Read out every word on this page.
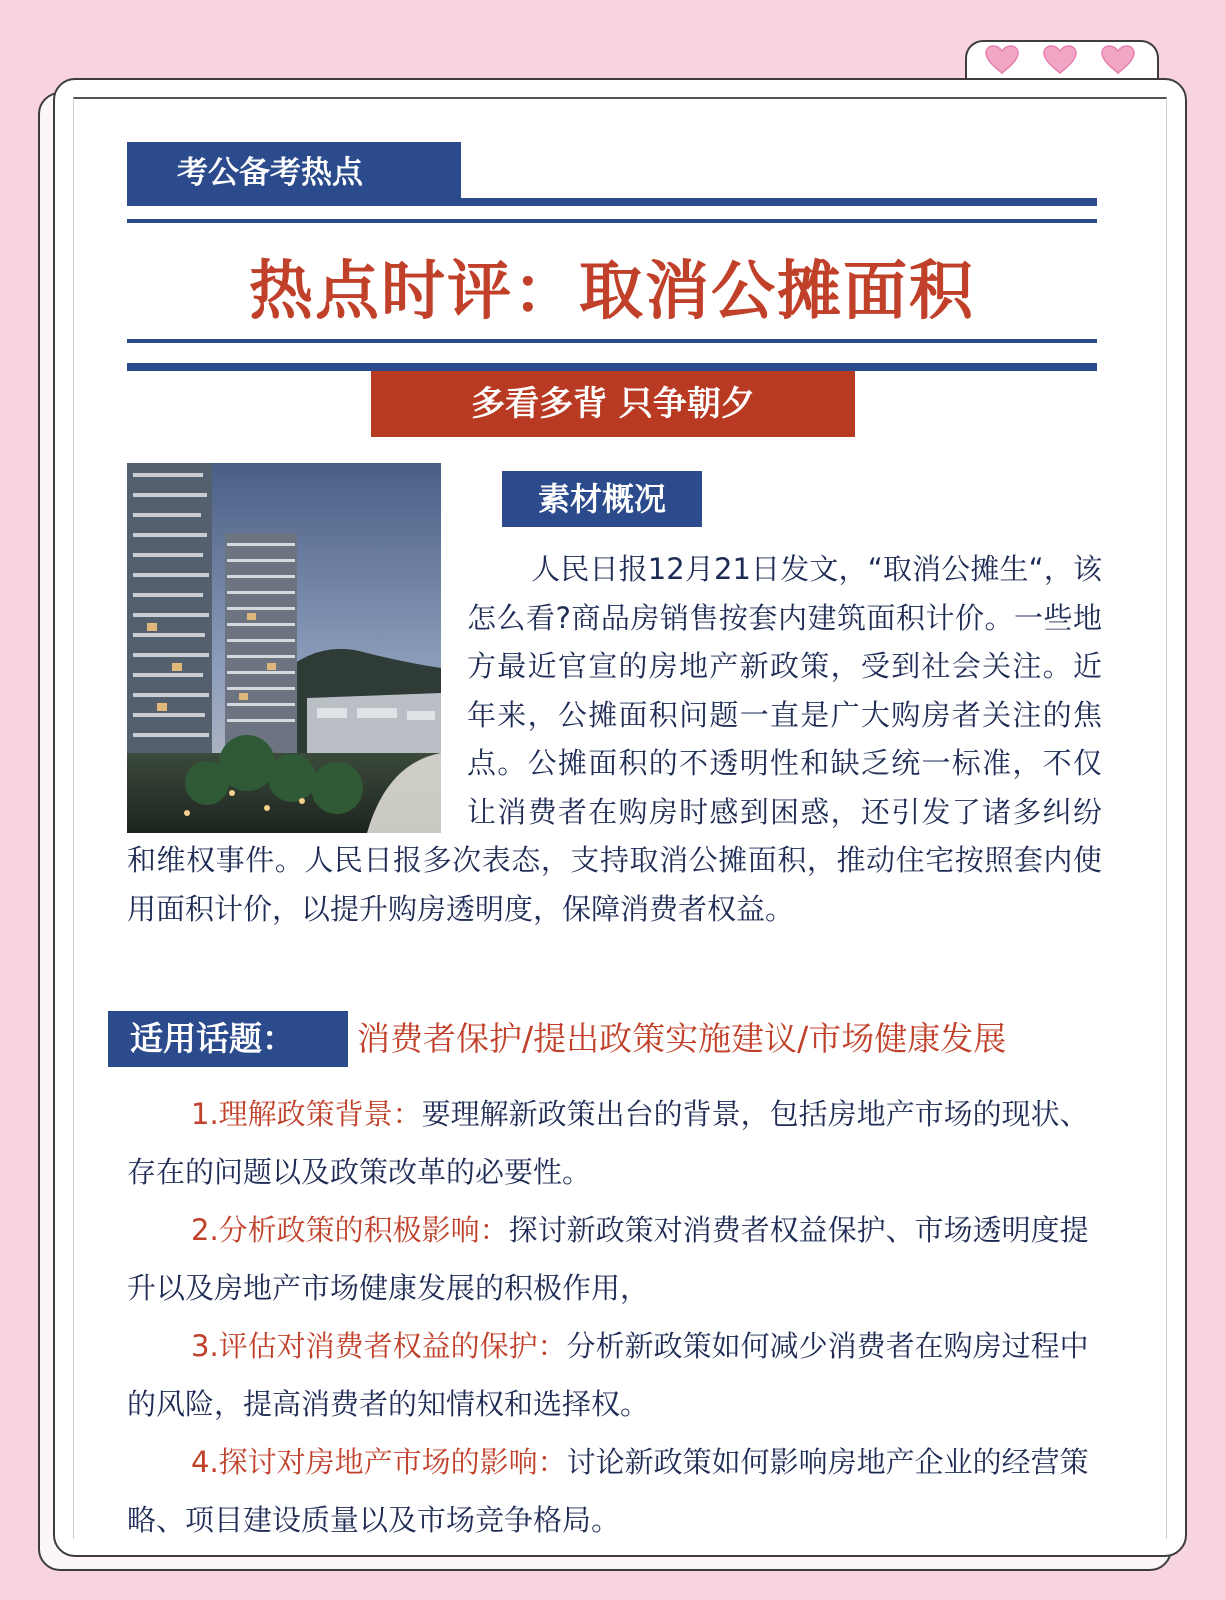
考公备考热点
热点时评：取消公摊面积
多看多背 只争朝夕
素材概况

人民日报12月21日发文，“取消公摊生“，该怎么看?商品房销售按套内建筑面积计价。一些地方最近官宣的房地产新政策，受到社会关注。近年来，公摊面积问题一直是广大购房者关注的焦点。公摊面积的不透明性和缺乏统一标准，不仅让消费者在购房时感到困惑，还引发了诸多纠纷和维权事件。人民日报多次表态，支持取消公摊面积，推动住宅按照套内使用面积计价，以提升购房透明度，保障消费者权益。

适用话题：	消费者保护/提出政策实施建议/市场健康发展

1.理解政策背景：要理解新政策出台的背景，包括房地产市场的现状、存在的问题以及政策改革的必要性。

2.分析政策的积极影响：探讨新政策对消费者权益保护、市场透明度提升以及房地产市场健康发展的积极作用，

3.评估对消费者权益的保护：分析新政策如何减少消费者在购房过程中的风险，提高消费者的知情权和选择权。

4.探讨对房地产市场的影响：讨论新政策如何影响房地产企业的经营策略、项目建设质量以及市场竞争格局。
